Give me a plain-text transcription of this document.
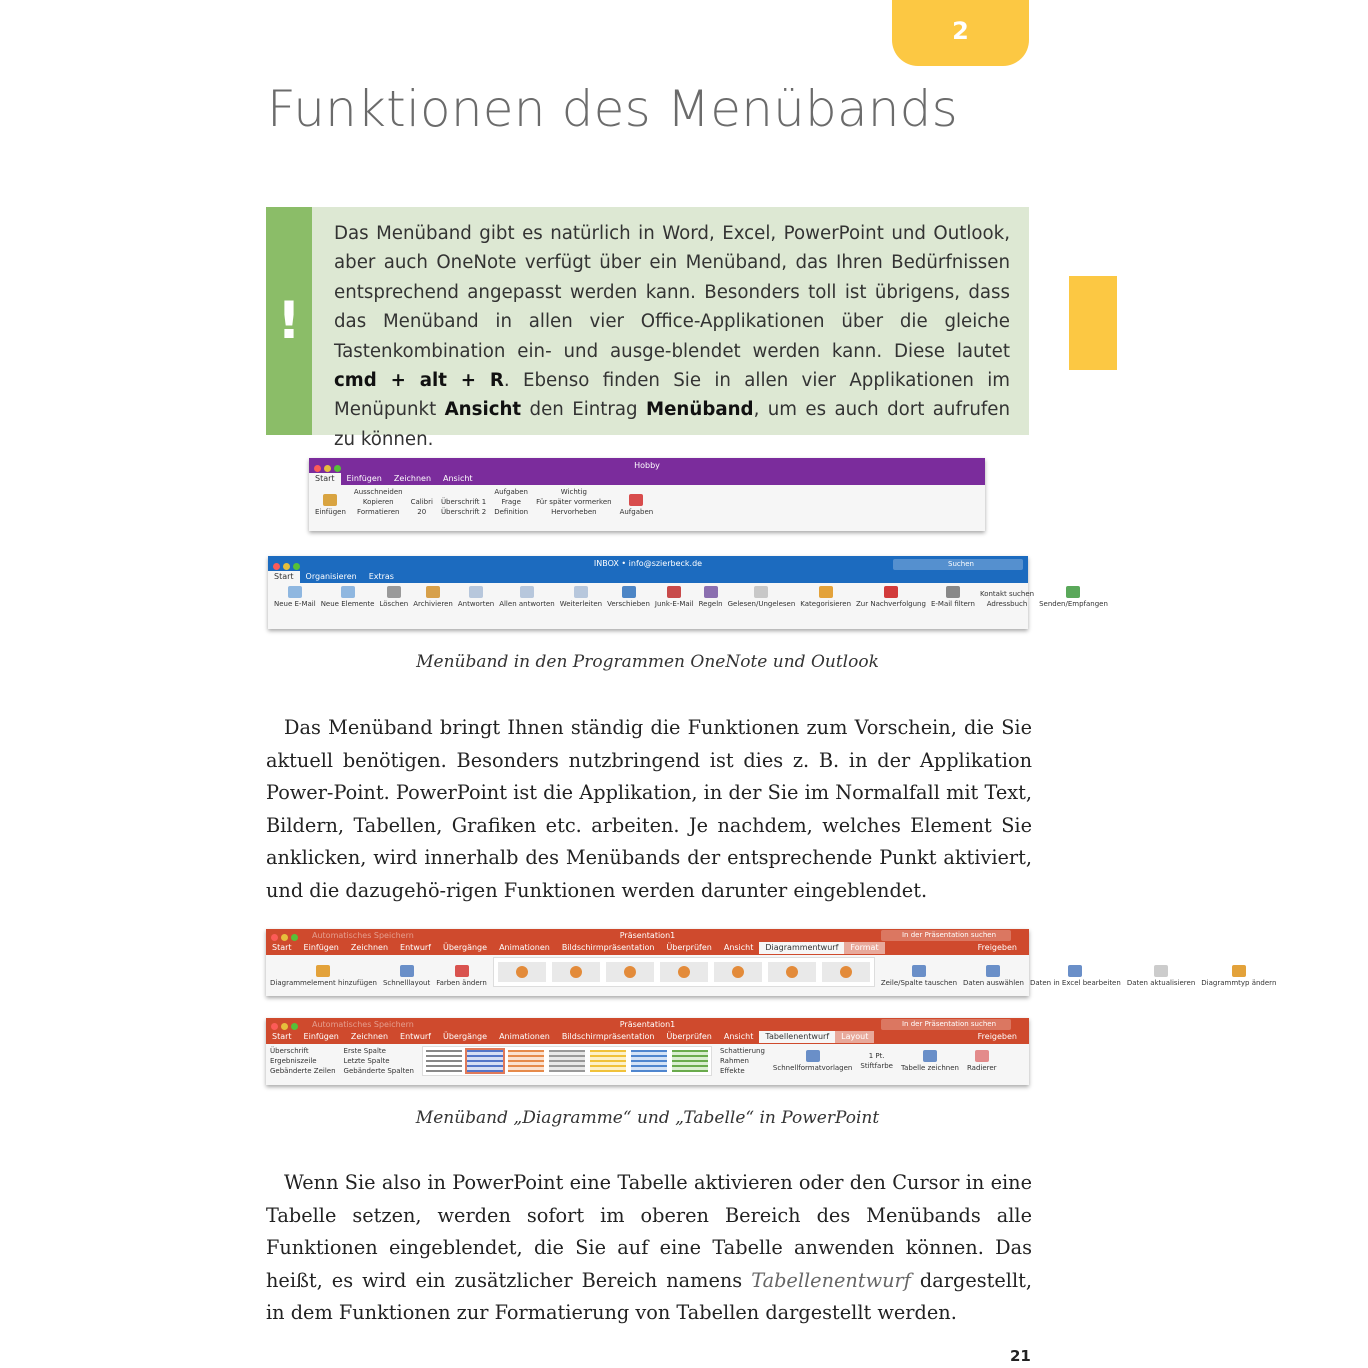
2
Funktionen des Menübands
!

Das Menüband gibt es natürlich in Word, Excel, PowerPoint und Outlook, aber auch OneNote verfügt über ein Menüband, das Ihren Bedürfnissen entsprechend angepasst werden kann. Besonders toll ist übrigens, dass das Menüband in allen vier Office-Applikationen über die gleiche Tastenkombination ein- und ausge-blendet werden kann. Diese lautet cmd + alt + R. Ebenso finden Sie in allen vier Applikationen im Menüpunkt Ansicht den Eintrag Menüband, um es auch dort aufrufen zu können.

Hobby
Start Einfügen Zeichnen Ansicht
Einfügen
Ausschneiden
Kopieren
Formatieren
Calibri
20
Überschrift 1
Überschrift 2
Aufgaben
Frage
Definition
Wichtig
Für später vormerken
Hervorheben	Aufgaben
INBOX • info@szierbeck.de	Suchen
Start Organisieren Extras
Neue E-Mail Neue Elemente Löschen Archivieren Antworten Allen antworten Weiterleiten Verschieben Junk-E-Mail Regeln Gelesen/Ungelesen Kategorisieren Zur Nachverfolgung E-Mail filtern
Kontakt suchen
Adressbuch Senden/Empfangen

Menüband in den Programmen OneNote und Outlook

Das Menüband bringt Ihnen ständig die Funktionen zum Vorschein, die Sie aktuell benötigen. Besonders nutzbringend ist dies z. B. in der Applikation Power-Point. PowerPoint ist die Applikation, in der Sie im Normalfall mit Text, Bildern, Tabellen, Grafiken etc. arbeiten. Je nachdem, welches Element Sie anklicken, wird innerhalb des Menübands der entsprechende Punkt aktiviert, und die dazugehö-rigen Funktionen werden darunter eingeblendet.

Automatisches Speichern	Präsentation1	In der Präsentation suchen
Start Einfügen Zeichnen Entwurf Übergänge Animationen Bildschirmpräsentation Überprüfen Ansicht Diagrammentwurf Format	Freigeben
Diagrammelement hinzufügen Schnelllayout Farben ändern	Zeile/Spalte tauschen Daten auswählen Daten in Excel bearbeiten Daten aktualisieren Diagrammtyp ändern
Automatisches Speichern	Präsentation1	In der Präsentation suchen
Start Einfügen Zeichnen Entwurf Übergänge Animationen Bildschirmpräsentation Überprüfen Ansicht Tabellenentwurf Layout	Freigeben
Überschrift
Ergebniszeile
Gebänderte Zeilen
Erste Spalte
Letzte Spalte
Gebänderte Spalten
Schattierung
Rahmen
Effekte	Schnellformatvorlagen
1 Pt.
Stiftfarbe Tabelle zeichnen Radierer

Menüband „Diagramme“ und „Tabelle“ in PowerPoint

Wenn Sie also in PowerPoint eine Tabelle aktivieren oder den Cursor in eine Tabelle setzen, werden sofort im oberen Bereich des Menübands alle Funktionen eingeblendet, die Sie auf eine Tabelle anwenden können. Das heißt, es wird ein zusätzlicher Bereich namens Tabellenentwurf dargestellt, in dem Funktionen zur Formatierung von Tabellen dargestellt werden.

21
